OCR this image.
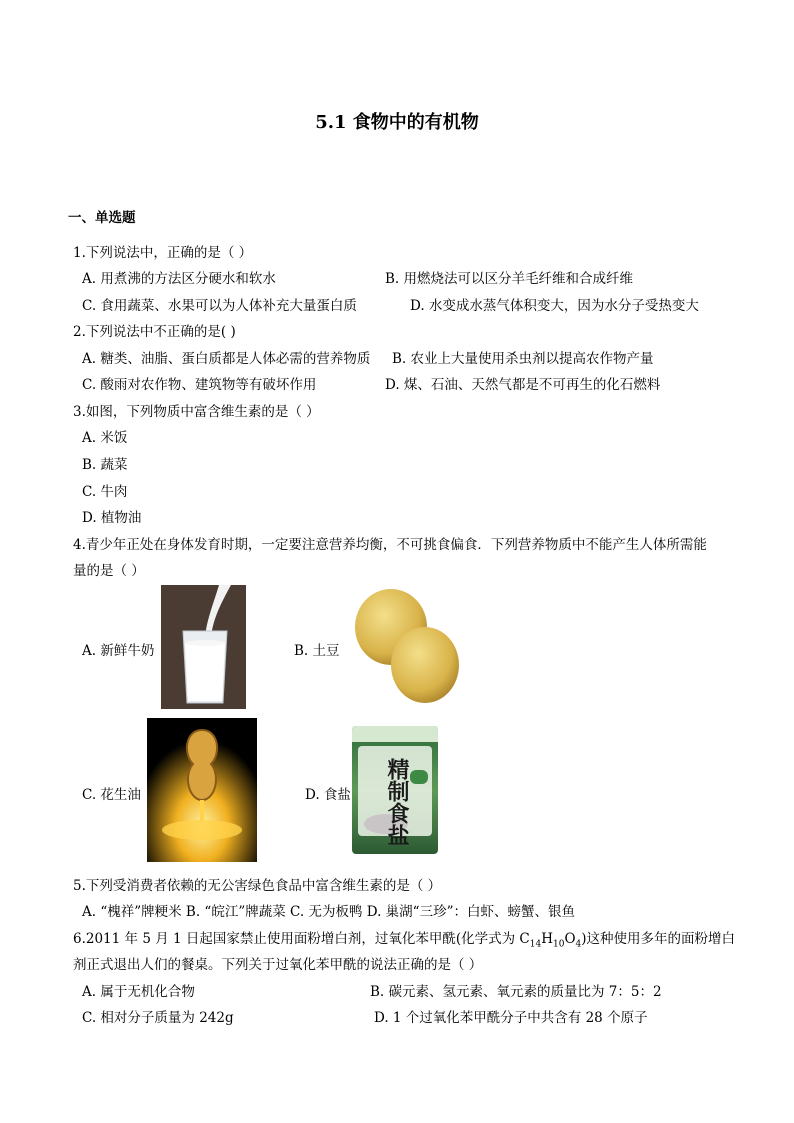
5.1 食物中的有机物
一、单选题
1.下列说法中，正确的是（ ）
A. 用煮沸的方法区分硬水和软水	B. 用燃烧法可以区分羊毛纤维和合成纤维
C. 食用蔬菜、水果可以为人体补充大量蛋白质	D. 水变成水蒸气体积变大，因为水分子受热变大
2.下列说法中不正确的是( )
A. 糖类、油脂、蛋白质都是人体必需的营养物质 B. 农业上大量使用杀虫剂以提高农作物产量
C. 酸雨对农作物、建筑物等有破坏作用	D. 煤、石油、天然气都是不可再生的化石燃料
3.如图，下列物质中富含维生素的是（ ）
A. 米饭
B. 蔬菜
C. 牛肉
D. 植物油
4.青少年正处在身体发育时期，一定要注意营养均衡，不可挑食偏食．下列营养物质中不能产生人体所需能
量的是（ ）
A. 新鲜牛奶	B. 土豆
C. 花生油	D. 食盐 精制食盐
5.下列受消费者依赖的无公害绿色食品中富含维生素的是（ ）
A. “槐祥”牌粳米 B. “皖江”牌蔬菜 C. 无为板鸭 D. 巢湖“三珍”：白虾、螃蟹、银鱼
6.2011 年 5 月 1 日起国家禁止使用面粉增白剂，过氧化苯甲酰(化学式为 $C_{14}H_{10}O_4$)这种使用多年的面粉增白
剂正式退出人们的餐桌。下列关于过氧化苯甲酰的说法正确的是（ ）
A. 属于无机化合物	B. 碳元素、氢元素、氧元素的质量比为 7：5：2
C. 相对分子质量为 242g	D. 1 个过氧化苯甲酰分子中共含有 28 个原子
